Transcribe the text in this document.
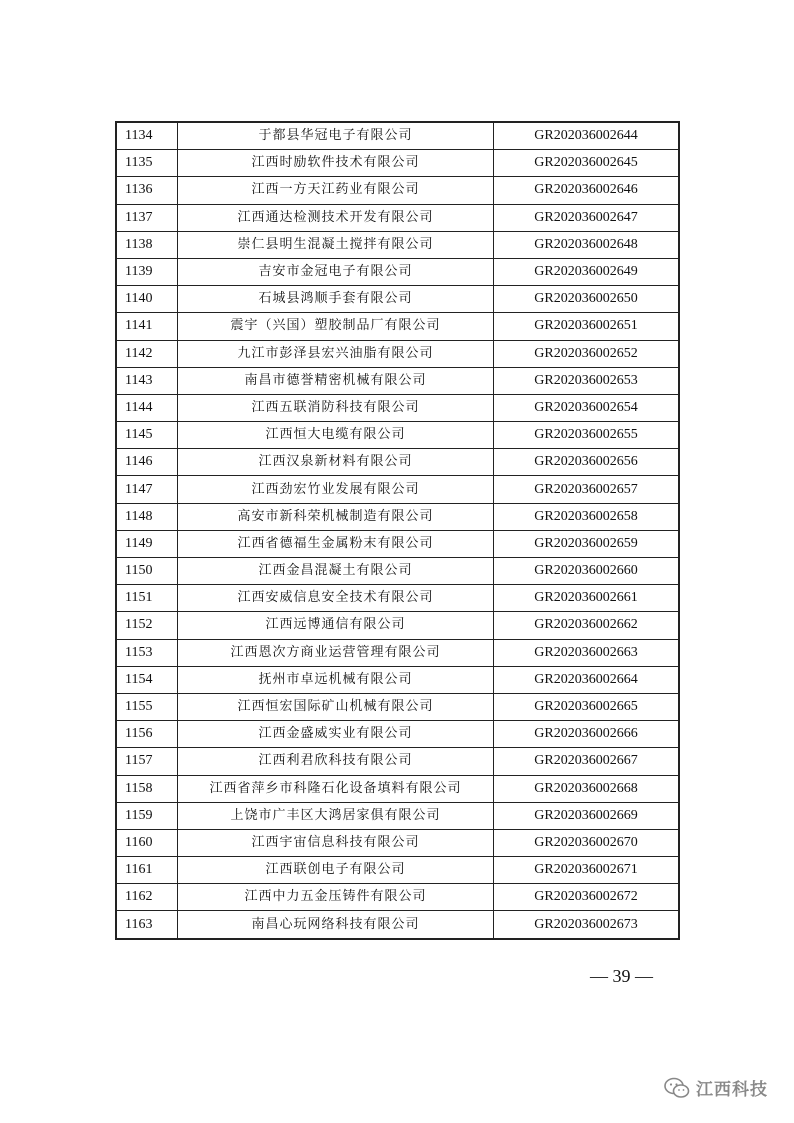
1134	于都县华冠电子有限公司	GR202036002644
1135	江西时励软件技术有限公司	GR202036002645
1136	江西一方天江药业有限公司	GR202036002646
1137	江西通达检测技术开发有限公司	GR202036002647
1138	崇仁县明生混凝土搅拌有限公司	GR202036002648
1139	吉安市金冠电子有限公司	GR202036002649
1140	石城县鸿顺手套有限公司	GR202036002650
1141	震宇（兴国）塑胶制品厂有限公司	GR202036002651
1142	九江市彭泽县宏兴油脂有限公司	GR202036002652
1143	南昌市德誉精密机械有限公司	GR202036002653
1144	江西五联消防科技有限公司	GR202036002654
1145	江西恒大电缆有限公司	GR202036002655
1146	江西汉泉新材料有限公司	GR202036002656
1147	江西劲宏竹业发展有限公司	GR202036002657
1148	高安市新科荣机械制造有限公司	GR202036002658
1149	江西省德福生金属粉末有限公司	GR202036002659
1150	江西金昌混凝土有限公司	GR202036002660
1151	江西安威信息安全技术有限公司	GR202036002661
1152	江西远博通信有限公司	GR202036002662
1153	江西恩次方商业运营管理有限公司	GR202036002663
1154	抚州市卓远机械有限公司	GR202036002664
1155	江西恒宏国际矿山机械有限公司	GR202036002665
1156	江西金盛威实业有限公司	GR202036002666
1157	江西利君欣科技有限公司	GR202036002667
1158	江西省萍乡市科隆石化设备填料有限公司	GR202036002668
1159	上饶市广丰区大鸿居家俱有限公司	GR202036002669
1160	江西宇宙信息科技有限公司	GR202036002670
1161	江西联创电子有限公司	GR202036002671
1162	江西中力五金压铸件有限公司	GR202036002672
1163	南昌心玩网络科技有限公司	GR202036002673
— 39 —
江西科技
